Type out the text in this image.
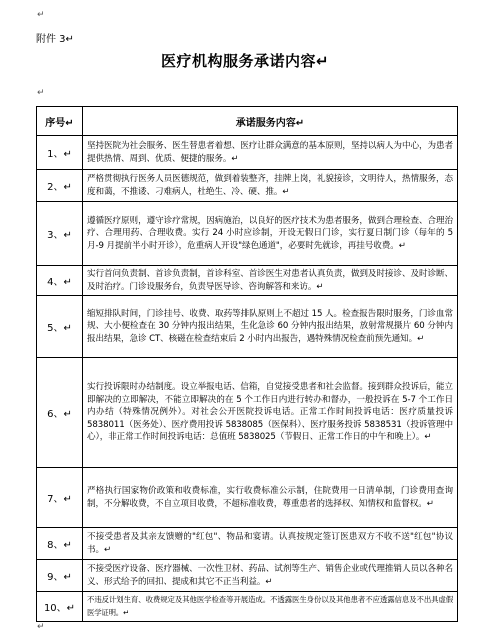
↵
附件 3↵
医疗机构服务承诺内容↵
↵
序号↵	承诺服务内容↵
1、↵	坚持医院为社会服务、医生替患者着想、医疗让群众满意的基本原则，坚持以病人为中心，为患者提供热情、周到、优质、便捷的服务。↵
2、↵	严格贯彻执行医务人员医德规范，做到着装整齐，挂牌上岗，礼貌接诊，文明待人，热情服务，态度和蔼，不推诿、刁难病人，杜绝生、冷、硬、推。↵
3、↵	遵循医疗原则，遵守诊疗常规，因病施治，以良好的医疗技术为患者服务，做到合理检查、合理治疗、合理用药、合理收费。实行 24 小时应诊制，开设无假日门诊，实行夏日制门诊（每年的 5 月-9 月提前半小时开诊），危重病人开设"绿色通道"，必要时先就诊，再挂号收费。↵
4、↵	实行首问负责制、首诊负责制，首诊科室、首诊医生对患者认真负责，做到及时接诊、及时诊断、及时治疗。门诊设服务台，负责导医导诊、咨询解答和来访。↵
5、↵	缩短排队时间，门诊挂号、收费、取药等排队原则上不超过 15 人。检查报告限时服务，门诊血常规、大小便检查在 30 分钟内报出结果，生化急诊 60 分钟内报出结果，放射常规摄片 60 分钟内报出结果，急诊 CT、核磁在检查结束后 2 小时内出报告，遇特殊情况检查前预先通知。↵
6、↵	实行投诉限时办结制度。设立举报电话、信箱，自觉接受患者和社会监督。接到群众投诉后，能立即解决的立即解决，不能立即解决的在 5 个工作日内进行转办和督办，一般投诉在 5-7 个工作日内办结（特殊情况例外）。对社会公开医院投诉电话。正常工作时间投诉电话：医疗质量投诉 5838011（医务处）、医疗费用投诉 5838085（医保科）、医疗服务投诉 5838531（投诉管理中心），非正常工作时间投诉电话：总值班 5838025（节假日、正常工作日的中午和晚上）。↵
7、↵	严格执行国家物价政策和收费标准，实行收费标准公示制，住院费用一日清单制，门诊费用查询制，不分解收费，不自立项目收费，不超标准收费，尊重患者的选择权、知情权和监督权。↵
8、↵	不接受患者及其亲友馈赠的"红包"、物品和宴请。认真按规定签订医患双方不收不送"红包"协议书。↵
9、↵	不接受医疗设备、医疗器械、一次性卫材、药品、试剂等生产、销售企业或代理推销人员以各种名义、形式给予的回扣、提成和其它不正当利益。↵
10、↵	不违反计划生育、收费规定及其他医学检查等开展造成。不透露医生身份以及其他患者不应透露信息及不出具虚假医学证明。↵
↵
